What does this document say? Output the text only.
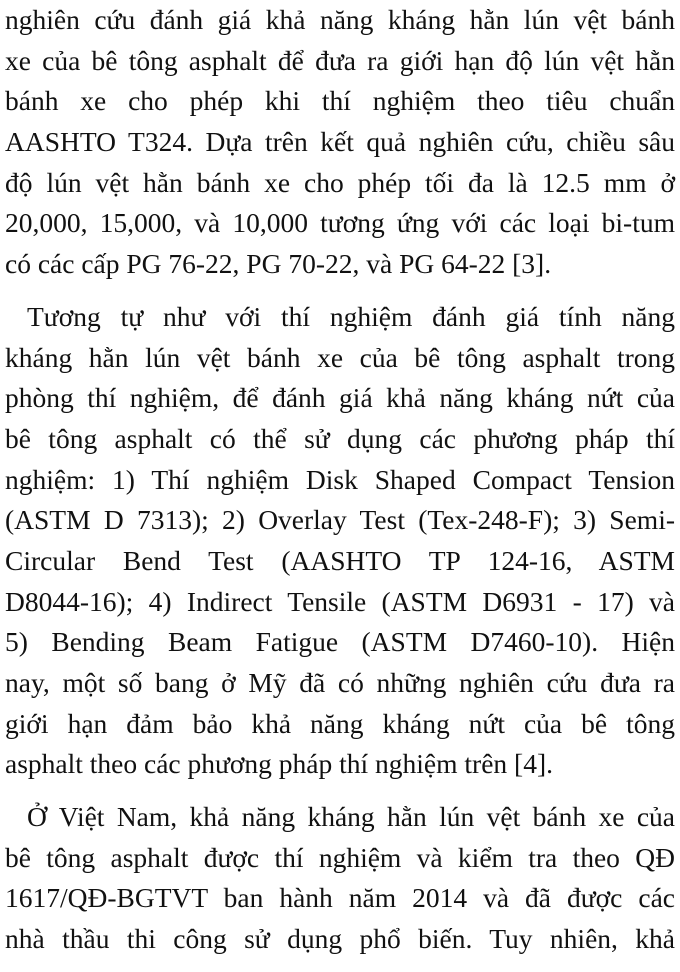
nghiên cứu đánh giá khả năng kháng hằn lún vệt bánh
xe của bê tông asphalt để đưa ra giới hạn độ lún vệt hằn
bánh xe cho phép khi thí nghiệm theo tiêu chuẩn
AASHTO T324. Dựa trên kết quả nghiên cứu, chiều sâu
độ lún vệt hằn bánh xe cho phép tối đa là 12.5 mm ở
20,000, 15,000, và 10,000 tương ứng với các loại bi-tum
có các cấp PG 76-22, PG 70-22, và PG 64-22 [3].
Tương tự như với thí nghiệm đánh giá tính năng
kháng hằn lún vệt bánh xe của bê tông asphalt trong
phòng thí nghiệm, để đánh giá khả năng kháng nứt của
bê tông asphalt có thể sử dụng các phương pháp thí
nghiệm: 1) Thí nghiệm Disk Shaped Compact Tension
(ASTM D 7313); 2) Overlay Test (Tex-248-F); 3) Semi-
Circular Bend Test (AASHTO TP 124-16, ASTM
D8044-16); 4) Indirect Tensile (ASTM D6931 - 17) và
5) Bending Beam Fatigue (ASTM D7460-10). Hiện
nay, một số bang ở Mỹ đã có những nghiên cứu đưa ra
giới hạn đảm bảo khả năng kháng nứt của bê tông
asphalt theo các phương pháp thí nghiệm trên [4].
Ở Việt Nam, khả năng kháng hằn lún vệt bánh xe của
bê tông asphalt được thí nghiệm và kiểm tra theo QĐ
1617/QĐ-BGTVT ban hành năm 2014 và đã được các
nhà thầu thi công sử dụng phổ biến. Tuy nhiên, khả
